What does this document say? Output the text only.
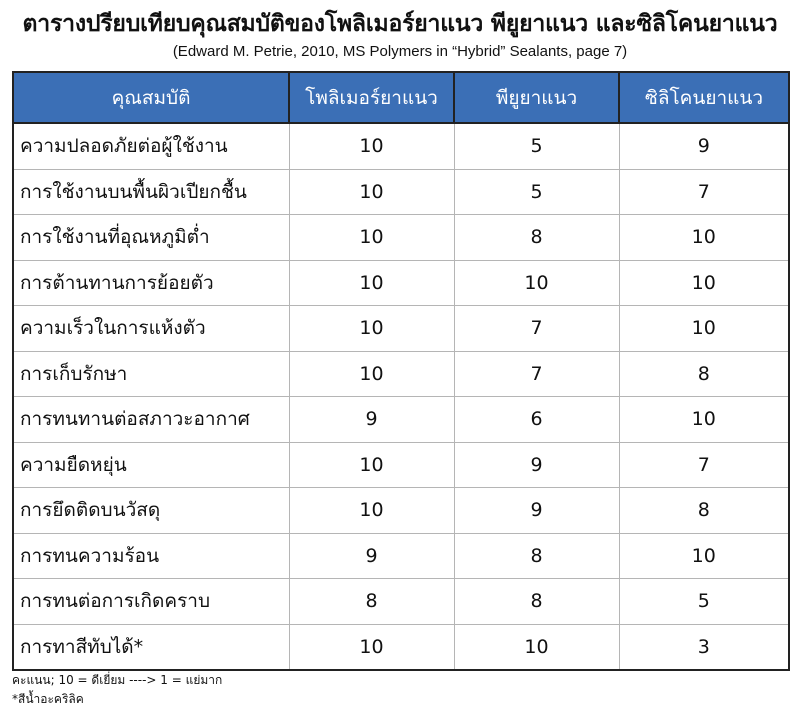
ตารางปรียบเทียบคุณสมบัติของโพลิเมอร์ยาแนว พียูยาแนว และซิลิโคนยาแนว
(Edward M. Petrie, 2010, MS Polymers in “Hybrid” Sealants, page 7)
คุณสมบัติ	โพลิเมอร์ยาแนว	พียูยาแนว	ซิลิโคนยาแนว
ความปลอดภัยต่อผู้ใช้งาน	10	5	9
การใช้งานบนพื้นผิวเปียกชื้น	10	5	7
การใช้งานที่อุณหภูมิต่ำ	10	8	10
การต้านทานการย้อยตัว	10	10	10
ความเร็วในการแห้งตัว	10	7	10
การเก็บรักษา	10	7	8
การทนทานต่อสภาวะอากาศ	9	6	10
ความยืดหยุ่น	10	9	7
การยึดติดบนวัสดุ	10	9	8
การทนความร้อน	9	8	10
การทนต่อการเกิดคราบ	8	8	5
การทาสีทับได้*	10	10	3
คะแนน; 10 = ดีเยี่ยม ----> 1 = แย่มาก
*สีน้ำอะคริลิค
